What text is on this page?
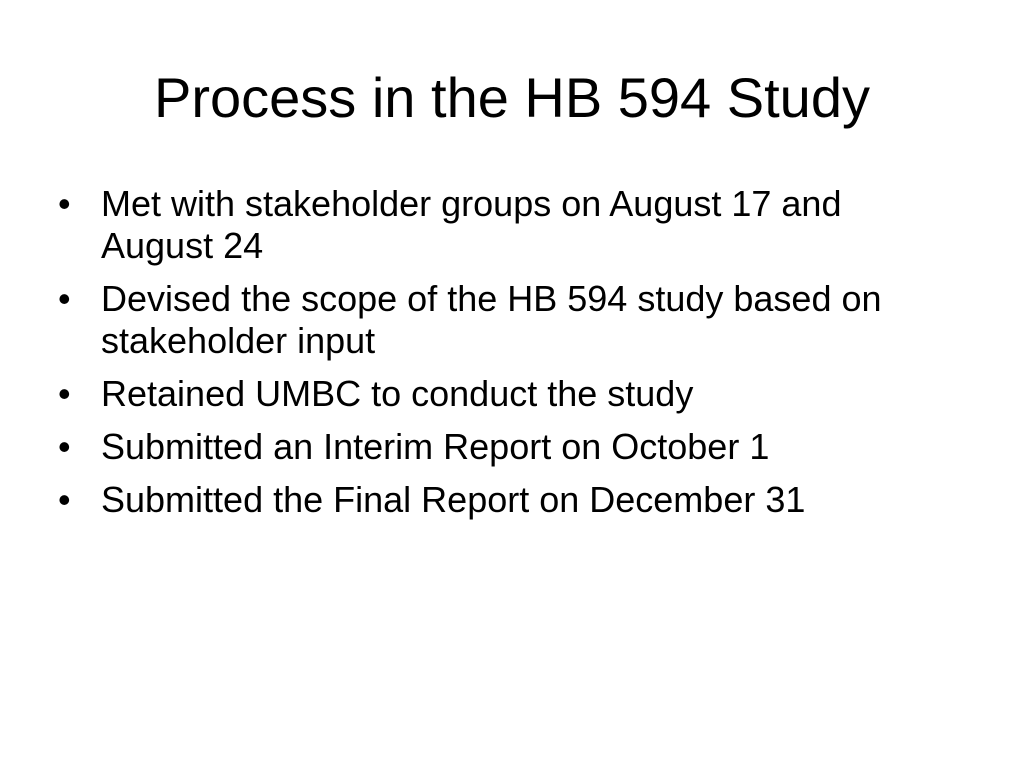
Process in the HB 594 Study
• Met with stakeholder groups on August 17 and August 24
• Devised the scope of the HB 594 study based on stakeholder input
• Retained UMBC to conduct the study
• Submitted an Interim Report on October 1
• Submitted the Final Report on December 31
